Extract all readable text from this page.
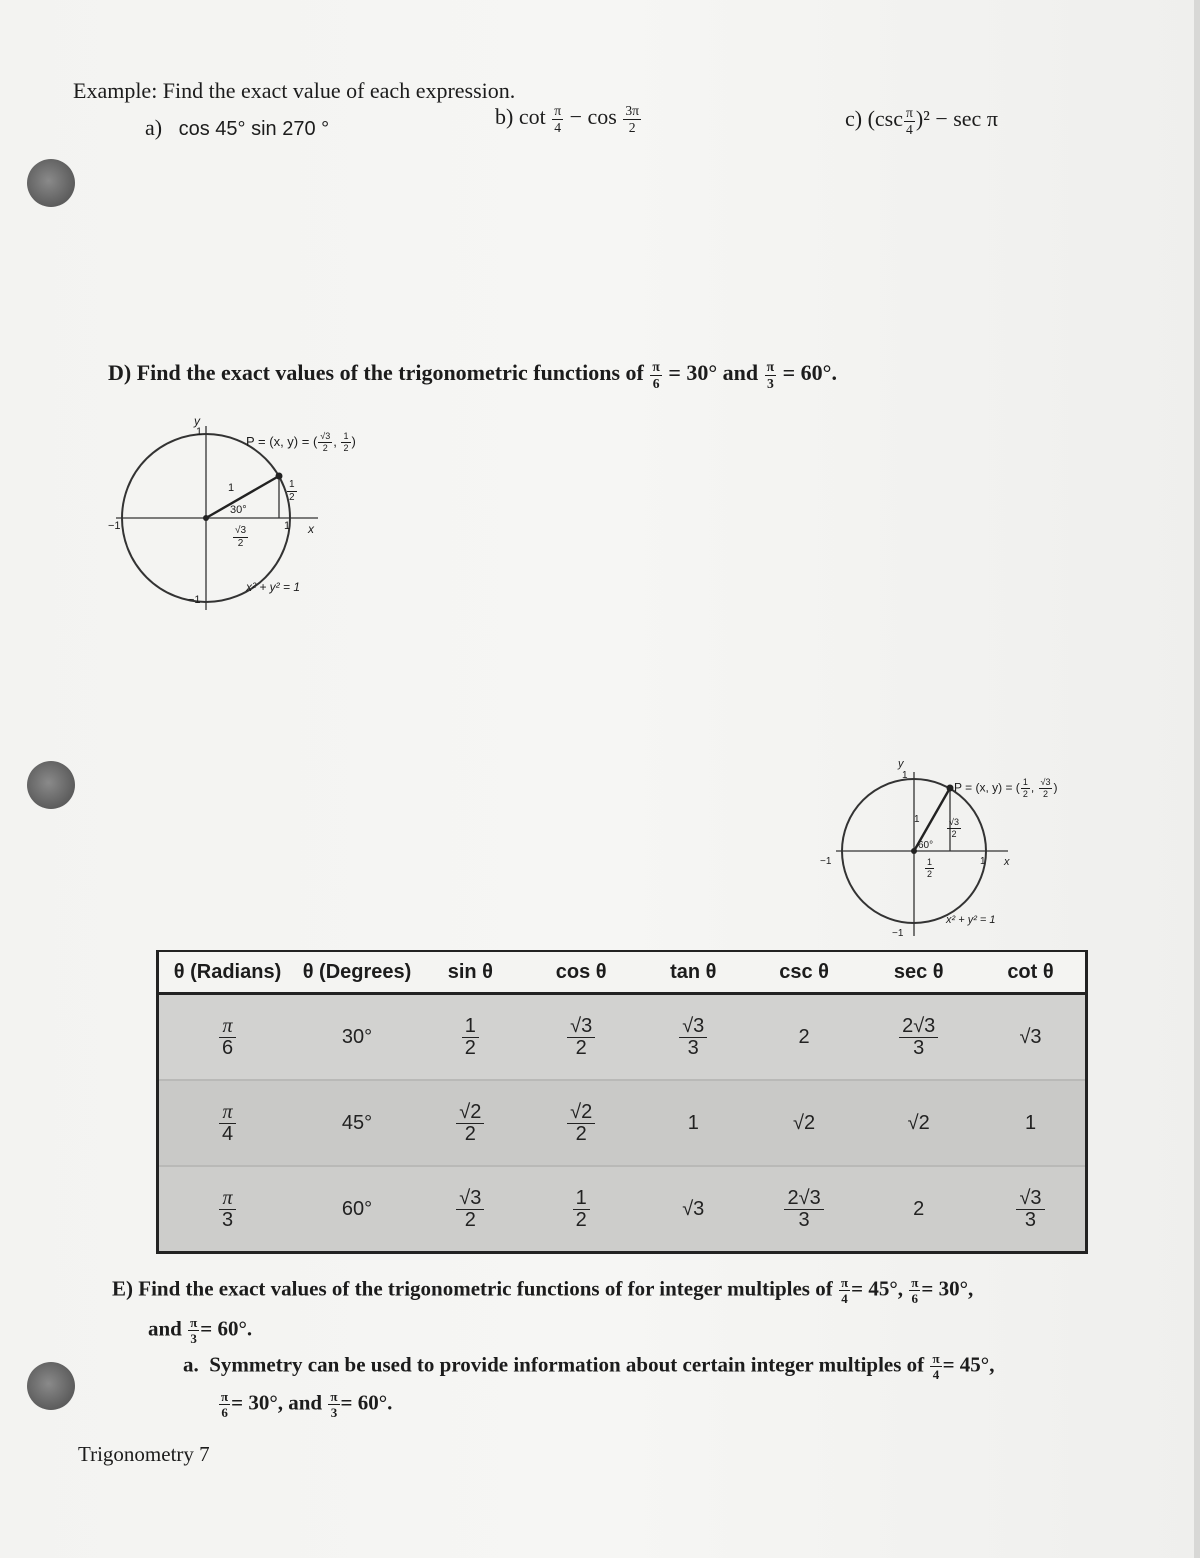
Example: Find the exact value of each expression.
a) cos 45° sin 270 °	b) $\cot \frac{\pi}{4} - \cos \frac{3\pi}{2}$	c) $(\csc \frac{\pi}{4} )^2 - \sec \pi$
D) Find the exact values of the trigonometric functions of $\frac{\pi}{6} = 30^\circ$ and $\frac{\pi}{3} = 60^\circ$.
y
1
−1
−1
1 x
1
30°
P = (x, y) = ( $\frac{√3}{2}$ , $\frac{1}{2}$ )
$\frac{1}{2}$
$\frac{√3}{2}$
x² + y² = 1
y
1
−1
−1
1 x
1
60°
P = (x, y) = ( $\frac{1}{2}$ , $\frac{√3}{2}$ )
$\frac{√3}{2}$
$\frac{1}{2}$
x² + y² = 1
θ (Radians)	θ (Degrees)	sin θ	cos θ	tan θ	csc θ	sec θ	cot θ

$\frac{\pi}{6}$	30°	$\frac{1}{2}$	$\frac{√3}{2}$	$\frac{√3}{3}$	2	$\frac{2√3}{3}$	√3

$\frac{\pi}{4}$	45°	$\frac{√2}{2}$	$\frac{√2}{2}$	1	√2	√2	1

$\frac{\pi}{3}$	60°	$\frac{√3}{2}$	$\frac{1}{2}$	√3	$\frac{2√3}{3}$	2	$\frac{√3}{3}$
E) Find the exact values of the trigonometric functions of for integer multiples of $\frac{\pi}{4} = 45^\circ$, $\frac{\pi}{6} = 30^\circ$,
and $\frac{\pi}{3} = 60^\circ$.
a. Symmetry can be used to provide information about certain integer multiples of $\frac{\pi}{4} = 45^\circ$,
$\frac{\pi}{6} = 30^\circ$, and $\frac{\pi}{3} = 60^\circ$.
Trigonometry 7
